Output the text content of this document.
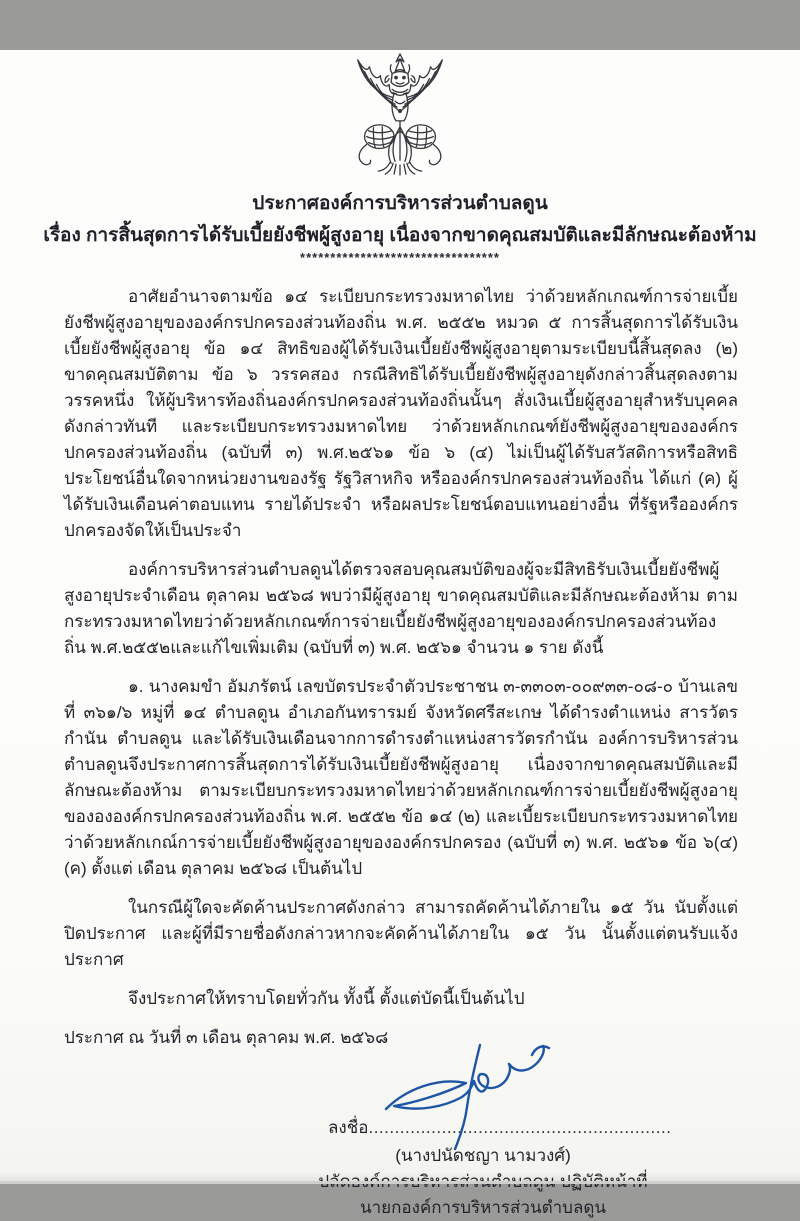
ประกาศองค์การบริหารส่วนตำบลดูน
เรื่อง การสิ้นสุดการได้รับเบี้ยยังชีพผู้สูงอายุ เนื่องจากขาดคุณสมบัติและมีลักษณะต้องห้าม
*********************************

อาศัยอำนาจตามข้อ ๑๔ ระเบียบกระทรวงมหาดไทย ว่าด้วยหลักเกณฑ์การจ่ายเบี้ยยังชีพผู้สูงอายุขององค์กรปกครองส่วนท้องถิ่น พ.ศ. ๒๕๕๒ หมวด ๕ การสิ้นสุดการได้รับเงินเบี้ยยังชีพผู้สูงอายุ ข้อ ๑๔ สิทธิของผู้ได้รับเงินเบี้ยยังชีพผู้สูงอายุตามระเบียบนี้สิ้นสุดลง (๒) ขาดคุณสมบัติตาม ข้อ ๖ วรรคสอง กรณีสิทธิได้รับเบี้ยยังชีพผู้สูงอายุดังกล่าวสิ้นสุดลงตามวรรคหนึ่ง ให้ผู้บริหารท้องถิ่นองค์กรปกครองส่วนท้องถิ่นนั้นๆ สั่งเงินเบี้ยผู้สูงอายุสำหรับบุคคลดังกล่าวทันที และระเบียบกระทรวงมหาดไทย ว่าด้วยหลักเกณฑ์ยังชีพผู้สูงอายุขององค์กรปกครองส่วนท้องถิ่น (ฉบับที่ ๓) พ.ศ.๒๕๖๑ ข้อ ๖ (๔) ไม่เป็นผู้ได้รับสวัสดิการหรือสิทธิประโยชน์อื่นใดจากหน่วยงานของรัฐ รัฐวิสาหกิจ หรือองค์กรปกครองส่วนท้องถิ่น ได้แก่ (ค) ผู้ได้รับเงินเดือนค่าตอบแทน รายได้ประจำ หรือผลประโยชน์ตอบแทนอย่างอื่น ที่รัฐหรือองค์กรปกครองจัดให้เป็นประจำ

องค์การบริหารส่วนตำบลดูนได้ตรวจสอบคุณสมบัติของผู้จะมีสิทธิรับเงินเบี้ยยังชีพผู้สูงอายุประจำเดือน ตุลาคม ๒๕๖๘ พบว่ามีผู้สูงอายุ ขาดคุณสมบัติและมีลักษณะต้องห้าม ตามกระทรวงมหาดไทยว่าด้วยหลักเกณฑ์การจ่ายเบี้ยยังชีพผู้สูงอายุขององค์กรปกครองส่วนท้องถิ่น พ.ศ.๒๕๕๒และแก้ไขเพิ่มเติม (ฉบับที่ ๓) พ.ศ. ๒๕๖๑ จำนวน ๑ ราย ดังนี้

๑. นางคมขำ อัมภรัตน์ เลขบัตรประจำตัวประชาชน ๓-๓๓๐๓-๐๐๙๓๓-๐๘-๐ บ้านเลขที่ ๓๖๑/๖ หมู่ที่ ๑๔ ตำบลดูน อำเภอกันทรารมย์ จังหวัดศรีสะเกษ ได้ดำรงตำแหน่ง สารวัตรกำนัน ตำบลดูน และได้รับเงินเดือนจากการดำรงตำแหน่งสารวัตรกำนัน องค์การบริหารส่วนตำบลดูนจึงประกาศการสิ้นสุดการได้รับเงินเบี้ยยังชีพผู้สูงอายุ เนื่องจากขาดคุณสมบัติและมีลักษณะต้องห้าม ตามระเบียบกระทรวงมหาดไทยว่าด้วยหลักเกณฑ์การจ่ายเบี้ยยังชีพผู้สูงอายุของององค์กรปกครองส่วนท้องถิ่น พ.ศ. ๒๕๕๒ ข้อ ๑๔ (๒) และเบี้ยระเบียบกระทรวงมหาดไทย ว่าด้วยหลักเกณ์การจ่ายเบี้ยยังชีพผู้สูงอายุขององค์กรปกครอง (ฉบับที่ ๓) พ.ศ. ๒๕๖๑ ข้อ ๖(๔) (ค) ตั้งแต่ เดือน ตุลาคม ๒๕๖๘ เป็นต้นไป

ในกรณีผู้ใดจะคัดค้านประกาศดังกล่าว สามารถคัดค้านได้ภายใน ๑๕ วัน นับตั้งแต่ปิดประกาศ และผู้ที่มีรายชื่อดังกล่าวหากจะคัดค้านได้ภายใน ๑๕ วัน นั้นตั้งแต่ตนรับแจ้งประกาศ

จึงประกาศให้ทราบโดยทั่วกัน ทั้งนี้ ตั้งแต่บัดนี้เป็นต้นไป

ประกาศ ณ วันที่ ๓ เดือน ตุลาคม พ.ศ. ๒๕๖๘

ลงชื่อ..........................................................
(นางปนัดชญา นามวงศ์)
นายกองค์การบริหารส่วนตำบลดูน
